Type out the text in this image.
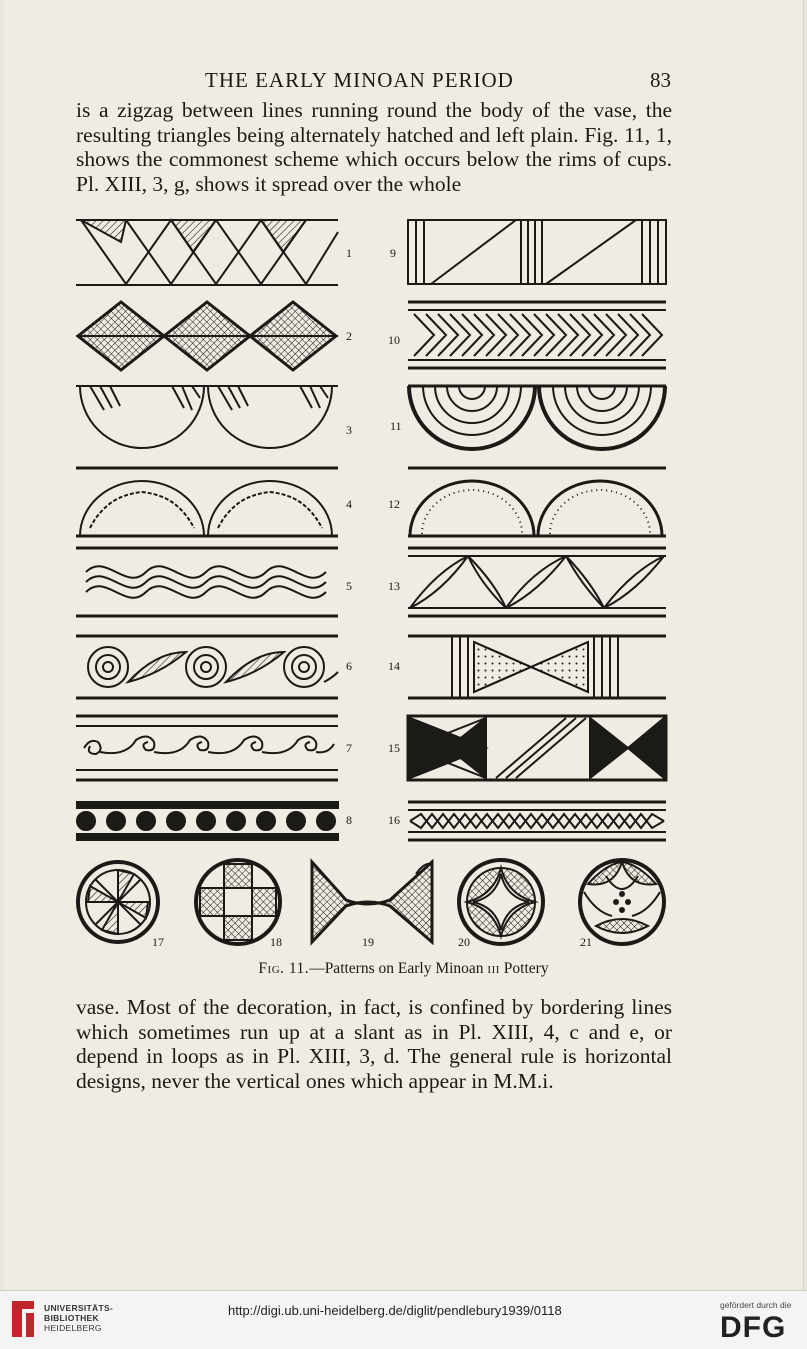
THE EARLY MINOAN PERIOD	83

is a zigzag between lines running round the body of the vase, the resulting triangles being alternately hatched and left plain. Fig. 11, 1, shows the commonest scheme which occurs below the rims of cups. Pl. XIII, 3, g, shows it spread over the whole

1
2
3
4
5
6
7
8
9
10
11
12
13
14
15
16
17	18	19	20	21
Fig. 11.—Patterns on Early Minoan iii Pottery

vase. Most of the decoration, in fact, is confined by bordering lines which sometimes run up at a slant as in Pl. XIII, 4, c and e, or depend in loops as in Pl. XIII, 3, d. The general rule is horizontal designs, never the vertical ones which appear in M.M.i.

UNIVERSITÄTS-
BIBLIOTHEK
HEIDELBERG
http://digi.ub.uni-heidelberg.de/diglit/pendlebury1939/0118	gefördert durch die
DFG
